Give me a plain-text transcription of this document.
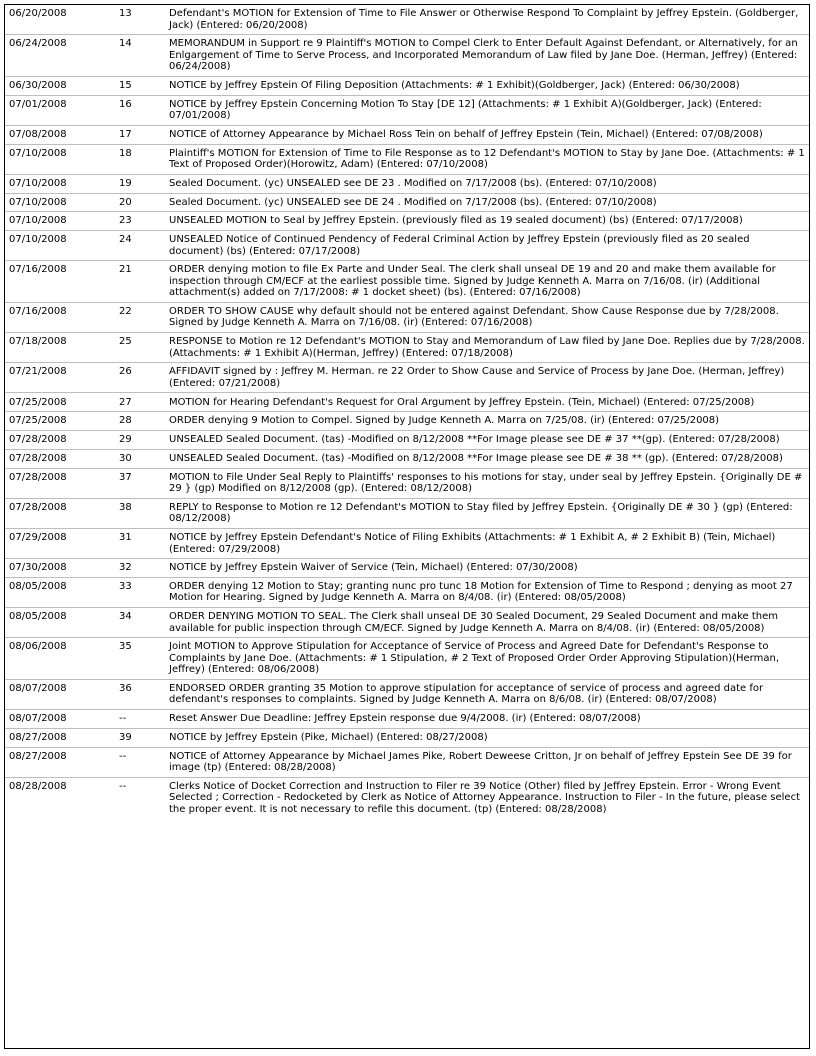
06/20/2008	13	Defendant's MOTION for Extension of Time to File Answer or Otherwise Respond To Complaint by Jeffrey Epstein. (Goldberger, Jack) (Entered: 06/20/2008)
06/24/2008	14	MEMORANDUM in Support re 9 Plaintiff's MOTION to Compel Clerk to Enter Default Against Defendant, or Alternatively, for an Enlgargement of Time to Serve Process, and Incorporated Memorandum of Law filed by Jane Doe. (Herman, Jeffrey) (Entered: 06/24/2008)
06/30/2008	15	NOTICE by Jeffrey Epstein Of Filing Deposition (Attachments: # 1 Exhibit)(Goldberger, Jack) (Entered: 06/30/2008)
07/01/2008	16	NOTICE by Jeffrey Epstein Concerning Motion To Stay [DE 12] (Attachments: # 1 Exhibit A)(Goldberger, Jack) (Entered: 07/01/2008)
07/08/2008	17	NOTICE of Attorney Appearance by Michael Ross Tein on behalf of Jeffrey Epstein (Tein, Michael) (Entered: 07/08/2008)
07/10/2008	18	Plaintiff's MOTION for Extension of Time to File Response as to 12 Defendant's MOTION to Stay by Jane Doe. (Attachments: # 1 Text of Proposed Order)(Horowitz, Adam) (Entered: 07/10/2008)
07/10/2008	19	Sealed Document. (yc) UNSEALED see DE 23 . Modified on 7/17/2008 (bs). (Entered: 07/10/2008)
07/10/2008	20	Sealed Document. (yc) UNSEALED see DE 24 . Modified on 7/17/2008 (bs). (Entered: 07/10/2008)
07/10/2008	23	UNSEALED MOTION to Seal by Jeffrey Epstein. (previously filed as 19 sealed document) (bs) (Entered: 07/17/2008)
07/10/2008	24	UNSEALED Notice of Continued Pendency of Federal Criminal Action by Jeffrey Epstein (previously filed as 20 sealed document) (bs) (Entered: 07/17/2008)
07/16/2008	21	ORDER denying motion to file Ex Parte and Under Seal. The clerk shall unseal DE 19 and 20 and make them available for inspection through CM/ECF at the earliest possible time. Signed by Judge Kenneth A. Marra on 7/16/08. (ir) (Additional attachment(s) added on 7/17/2008: # 1 docket sheet) (bs). (Entered: 07/16/2008)
07/16/2008	22	ORDER TO SHOW CAUSE why default should not be entered against Defendant. Show Cause Response due by 7/28/2008. Signed by Judge Kenneth A. Marra on 7/16/08. (ir) (Entered: 07/16/2008)
07/18/2008	25	RESPONSE to Motion re 12 Defendant's MOTION to Stay and Memorandum of Law filed by Jane Doe. Replies due by 7/28/2008. (Attachments: # 1 Exhibit A)(Herman, Jeffrey) (Entered: 07/18/2008)
07/21/2008	26	AFFIDAVIT signed by : Jeffrey M. Herman. re 22 Order to Show Cause and Service of Process by Jane Doe. (Herman, Jeffrey) (Entered: 07/21/2008)
07/25/2008	27	MOTION for Hearing Defendant's Request for Oral Argument by Jeffrey Epstein. (Tein, Michael) (Entered: 07/25/2008)
07/25/2008	28	ORDER denying 9 Motion to Compel. Signed by Judge Kenneth A. Marra on 7/25/08. (ir) (Entered: 07/25/2008)
07/28/2008	29	UNSEALED Sealed Document. (tas) -Modified on 8/12/2008 **For Image please see DE # 37 **(gp). (Entered: 07/28/2008)
07/28/2008	30	UNSEALED Sealed Document. (tas) -Modified on 8/12/2008 **For Image please see DE # 38 ** (gp). (Entered: 07/28/2008)
07/28/2008	37	MOTION to File Under Seal Reply to Plaintiffs' responses to his motions for stay, under seal by Jeffrey Epstein. {Originally DE # 29 } (gp) Modified on 8/12/2008 (gp). (Entered: 08/12/2008)
07/28/2008	38	REPLY to Response to Motion re 12 Defendant's MOTION to Stay filed by Jeffrey Epstein. {Originally DE # 30 } (gp) (Entered: 08/12/2008)
07/29/2008	31	NOTICE by Jeffrey Epstein Defendant's Notice of Filing Exhibits (Attachments: # 1 Exhibit A, # 2 Exhibit B) (Tein, Michael) (Entered: 07/29/2008)
07/30/2008	32	NOTICE by Jeffrey Epstein Waiver of Service (Tein, Michael) (Entered: 07/30/2008)
08/05/2008	33	ORDER denying 12 Motion to Stay; granting nunc pro tunc 18 Motion for Extension of Time to Respond ; denying as moot 27 Motion for Hearing. Signed by Judge Kenneth A. Marra on 8/4/08. (ir) (Entered: 08/05/2008)
08/05/2008	34	ORDER DENYING MOTION TO SEAL. The Clerk shall unseal DE 30 Sealed Document, 29 Sealed Document and make them available for public inspection through CM/ECF. Signed by Judge Kenneth A. Marra on 8/4/08. (ir) (Entered: 08/05/2008)
08/06/2008	35	Joint MOTION to Approve Stipulation for Acceptance of Service of Process and Agreed Date for Defendant's Response to Complaints by Jane Doe. (Attachments: # 1 Stipulation, # 2 Text of Proposed Order Order Approving Stipulation)(Herman, Jeffrey) (Entered: 08/06/2008)
08/07/2008	36	ENDORSED ORDER granting 35 Motion to approve stipulation for acceptance of service of process and agreed date for defendant's responses to complaints. Signed by Judge Kenneth A. Marra on 8/6/08. (ir) (Entered: 08/07/2008)
08/07/2008	--	Reset Answer Due Deadline: Jeffrey Epstein response due 9/4/2008. (ir) (Entered: 08/07/2008)
08/27/2008	39	NOTICE by Jeffrey Epstein (Pike, Michael) (Entered: 08/27/2008)
08/27/2008	--	NOTICE of Attorney Appearance by Michael James Pike, Robert Deweese Critton, Jr on behalf of Jeffrey Epstein See DE 39 for image (tp) (Entered: 08/28/2008)
08/28/2008	--	Clerks Notice of Docket Correction and Instruction to Filer re 39 Notice (Other) filed by Jeffrey Epstein. Error - Wrong Event Selected ; Correction - Redocketed by Clerk as Notice of Attorney Appearance. Instruction to Filer - In the future, please select the proper event. It is not necessary to refile this document. (tp) (Entered: 08/28/2008)
